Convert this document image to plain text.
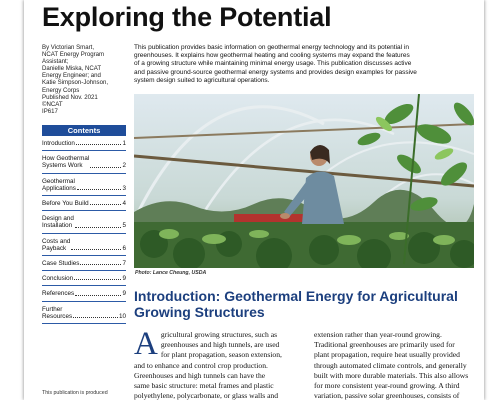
Exploring the Potential
By Victorian Smart,
NCAT Energy Program
Assistant;
Danielle Miska, NCAT
Energy Engineer; and
Katie Simpson-Johnson,
Energy Corps
Published Nov. 2021
©NCAT
IP617
Contents
Introduction	1
How Geothermal
Systems Work	2
Geothermal
Applications	3
Before You Build	4
Design and
Installation	5
Costs and
Payback	6
Case Studies	7
Conclusion	9
References	9
Further
Resources	10
This publication provides basic information on geothermal energy technology and its potential in
greenhouses. It explains how geothermal heating and cooling systems may expand the features
of a growing structure while maintaining minimal energy usage. This publication discusses active
and passive ground-source geothermal energy systems and provides design examples for passive
system design suited to agricultural operations.
Photo: Lance Cheung, USDA
Introduction: Geothermal Energy for Agricultural Growing Structures
A gricultural growing structures, such as
greenhouses and high tunnels, are used
for plant propagation, season extension,
and to enhance and control crop production.
Greenhouses and high tunnels can have the
same basic structure: metal frames and plastic
polyethylene, polycarbonate, or glass walls and
extension rather than year-round growing.
Traditional greenhouses are primarily used for
plant propagation, require heat usually provided
through automated climate controls, and generally
built with more durable materials. This also allows
for more consistent year-round growing. A third
variation, passive solar greenhouses, consists of
This publication is produced
